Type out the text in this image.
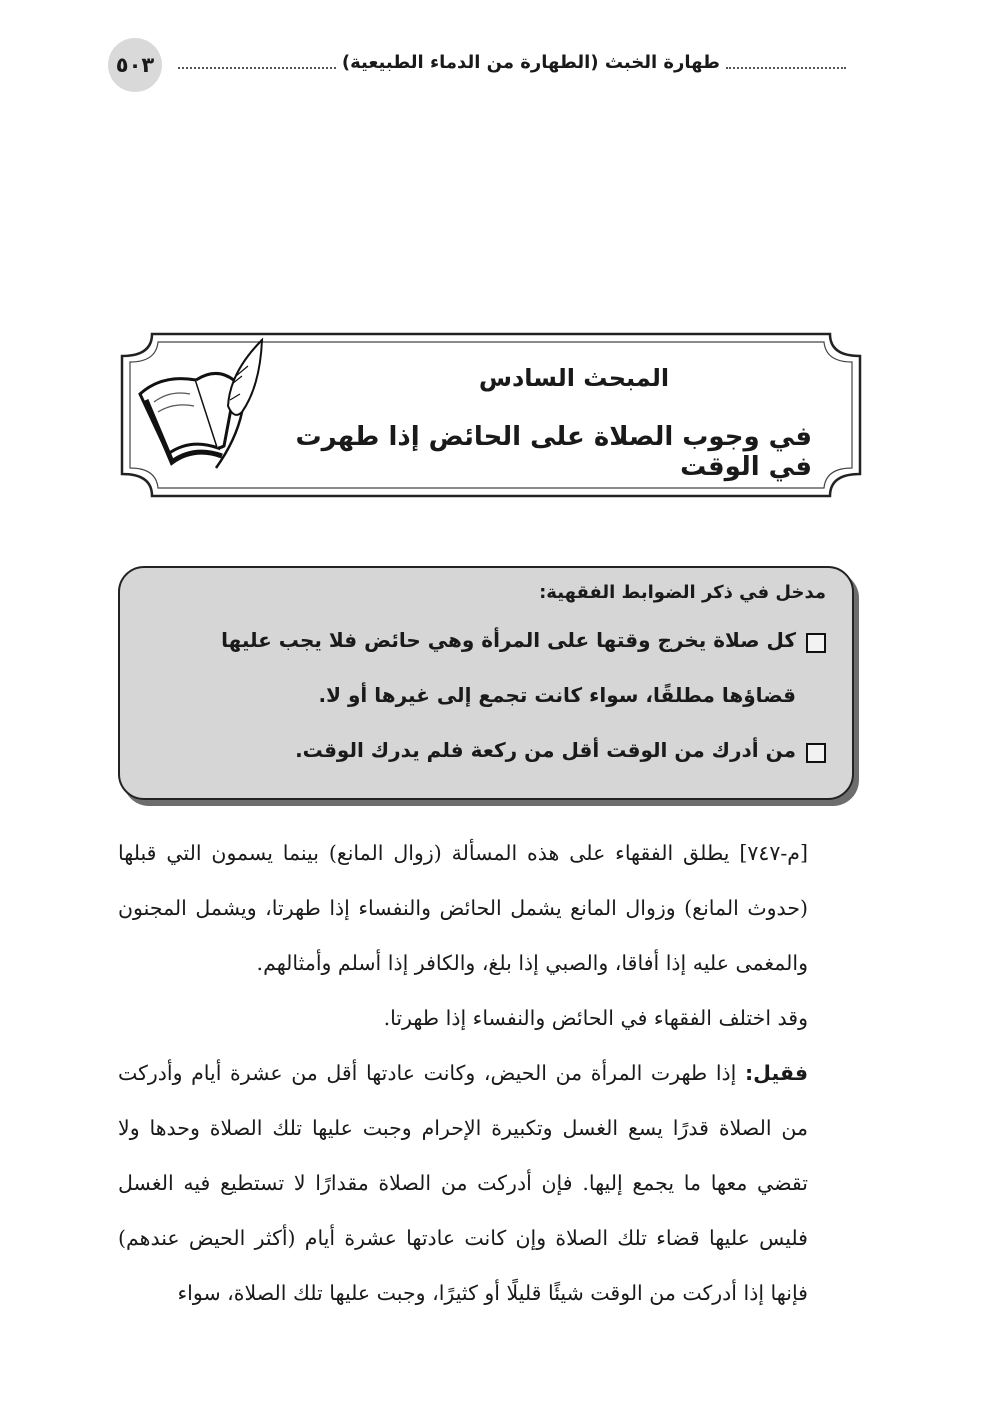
٥٠٣	طهارة الخبث (الطهارة من الدماء الطبيعية)
المبحث السادس
في وجوب الصلاة على الحائض إذا طهرت في الوقت
مدخل في ذكر الضوابط الفقهية:
كل صلاة يخرج وقتها على المرأة وهي حائض فلا يجب عليها قضاؤها مطلقًا، سواء كانت تجمع إلى غيرها أو لا.
من أدرك من الوقت أقل من ركعة فلم يدرك الوقت.

[م-٧٤٧] يطلق الفقهاء على هذه المسألة (زوال المانع) بينما يسمون التي قبلها (حدوث المانع) وزوال المانع يشمل الحائض والنفساء إذا طهرتا، ويشمل المجنون والمغمى عليه إذا أفاقا، والصبي إذا بلغ، والكافر إذا أسلم وأمثالهم.

وقد اختلف الفقهاء في الحائض والنفساء إذا طهرتا.

فقيل: إذا طهرت المرأة من الحيض، وكانت عادتها أقل من عشرة أيام وأدركت من الصلاة قدرًا يسع الغسل وتكبيرة الإحرام وجبت عليها تلك الصلاة وحدها ولا تقضي معها ما يجمع إليها. فإن أدركت من الصلاة مقدارًا لا تستطيع فيه الغسل فليس عليها قضاء تلك الصلاة وإن كانت عادتها عشرة أيام (أكثر الحيض عندهم) فإنها إذا أدركت من الوقت شيئًا قليلًا أو كثيرًا، وجبت عليها تلك الصلاة، سواء
